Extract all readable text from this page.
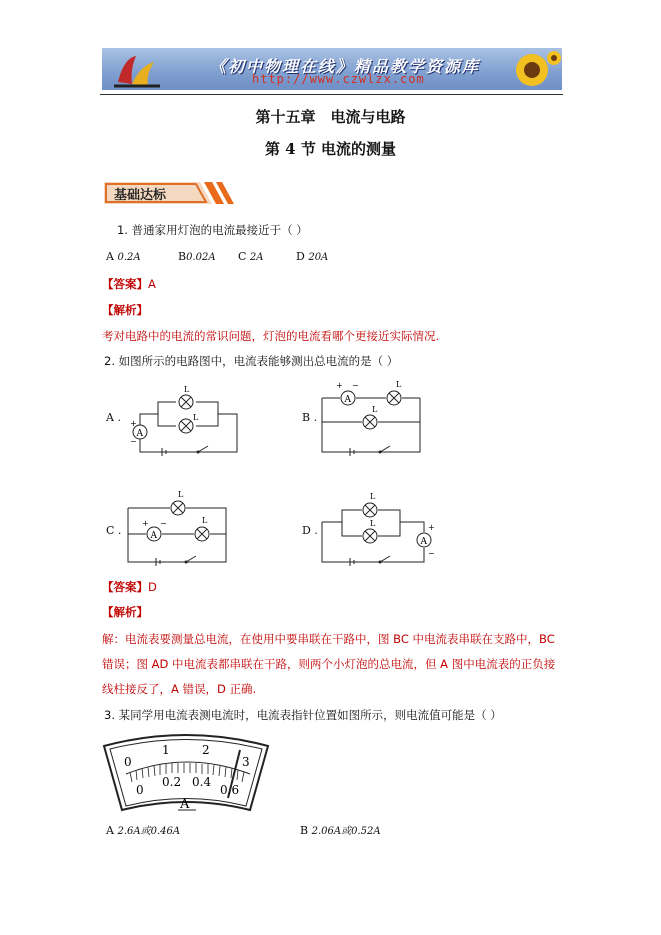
《初中物理在线》精品教学资源库
http://www.czwlzx.com
第十五章　电流与电路
第 4 节 电流的测量
基础达标
1. 普通家用灯泡的电流最接近于（ ）
A 0.2A	B0.02A C 2A	D 20A
【答案】A
【解析】
考对电路中的电流的常识问题，灯泡的电流看哪个更接近实际情况.
2. 如图所示的电路图中，电流表能够测出总电流的是（ ）
A .	B .
C .	D .
A
+
−
L
L
A
+ −	L
L
A
+ −
L
L
A
+
−
L
L
【答案】D
【解析】
解：电流表要测量总电流，在使用中要串联在干路中，图 BC 中电流表串联在支路中，BC
错误；图 AD 中电流表都串联在干路，则两个小灯泡的总电流，但 A 图中电流表的正负接
线柱接反了，A 错误，D 正确.
3. 某同学用电流表测电流时，电流表指针位置如图所示，则电流值可能是（ ）
0
1	2
3
0
0.2 0.4
0.6
A
A 2.6A或0.46A	B 2.06A或0.52A
